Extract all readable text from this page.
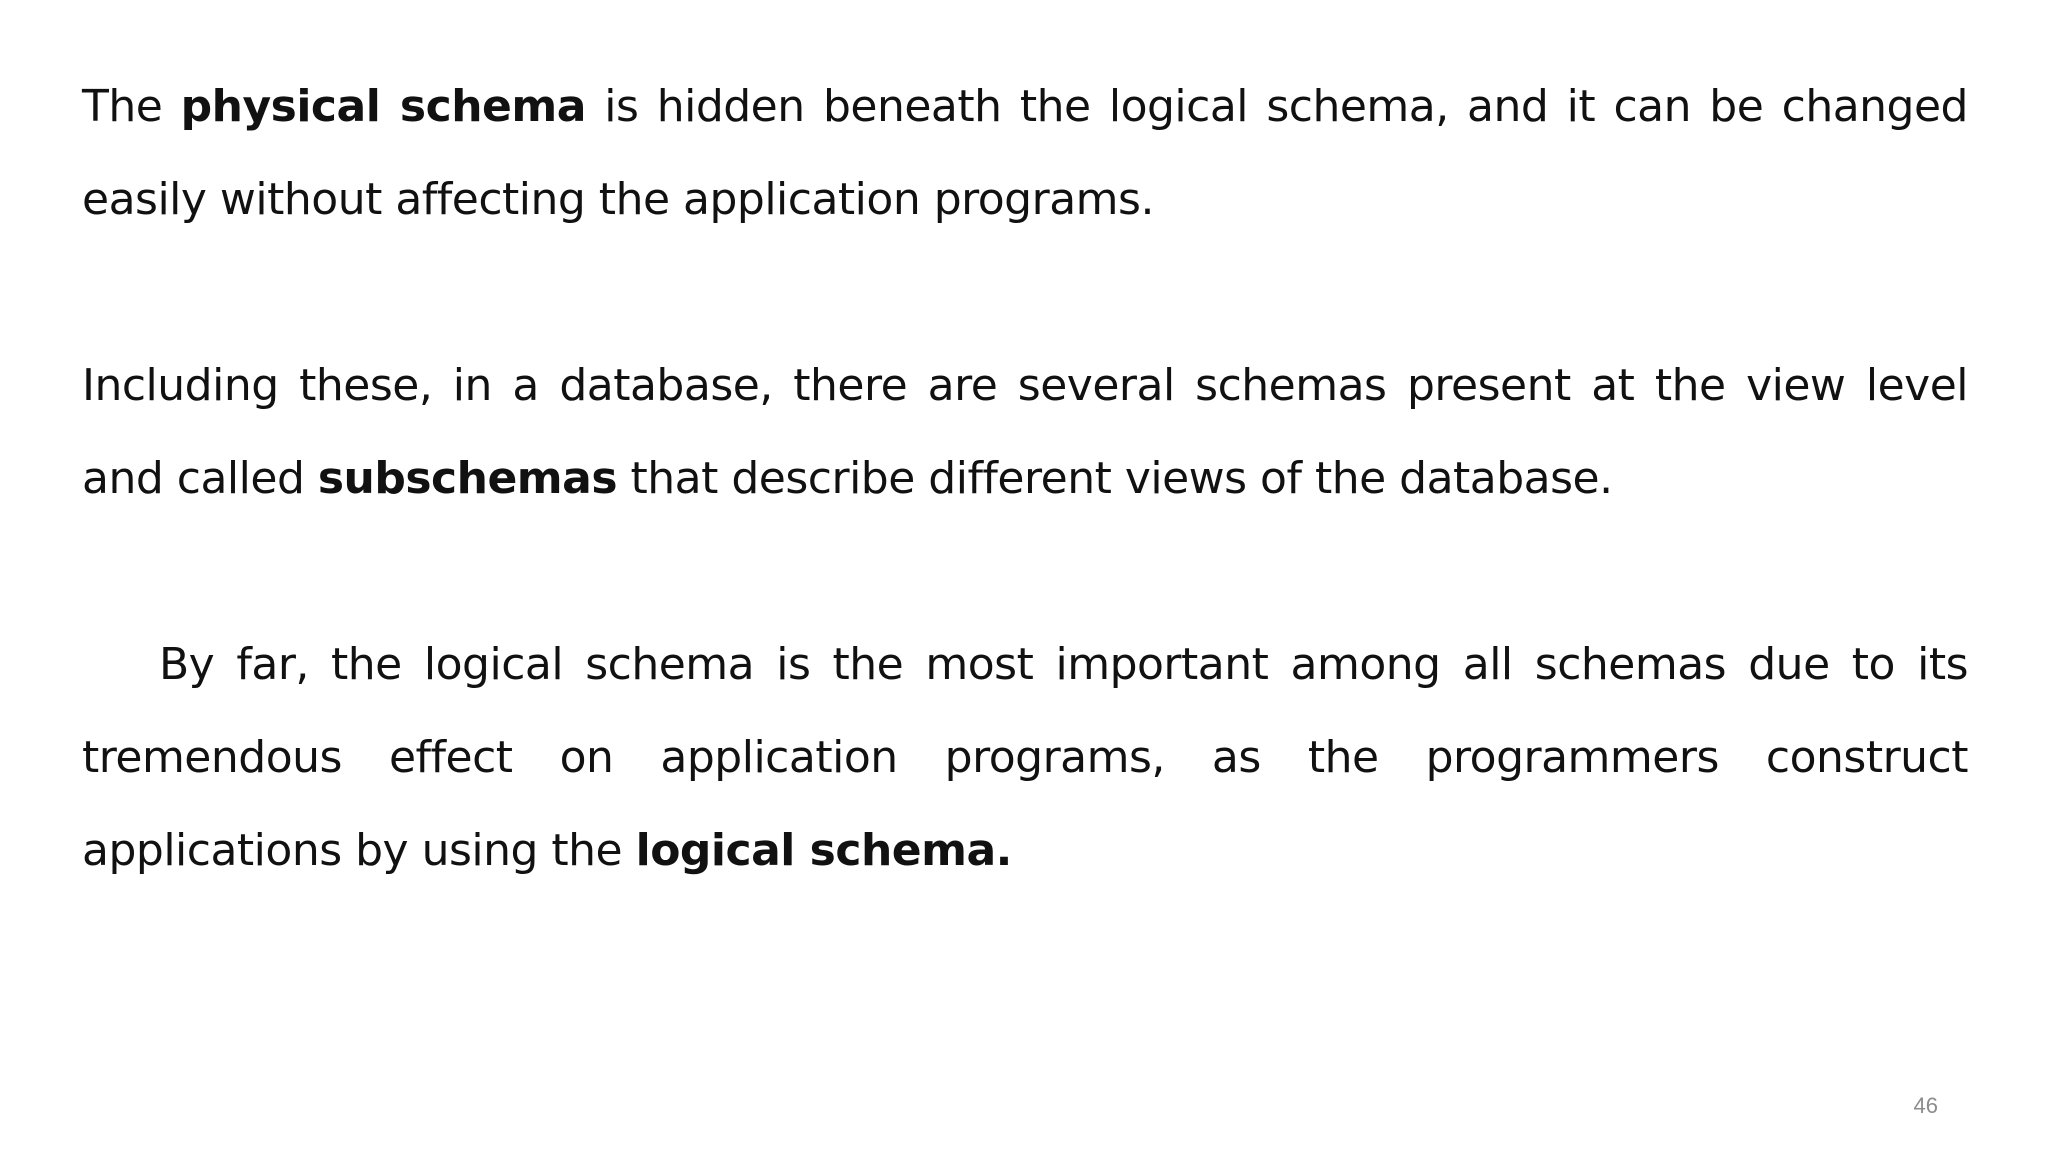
The physical schema is hidden beneath the logical schema, and it can be changed easily without affecting the application programs.

Including these, in a database, there are several schemas present at the view level and called subschemas that describe different views of the database.

By far, the logical schema is the most important among all schemas due to its tremendous effect on application programs, as the programmers construct applications by using the logical schema.

46
